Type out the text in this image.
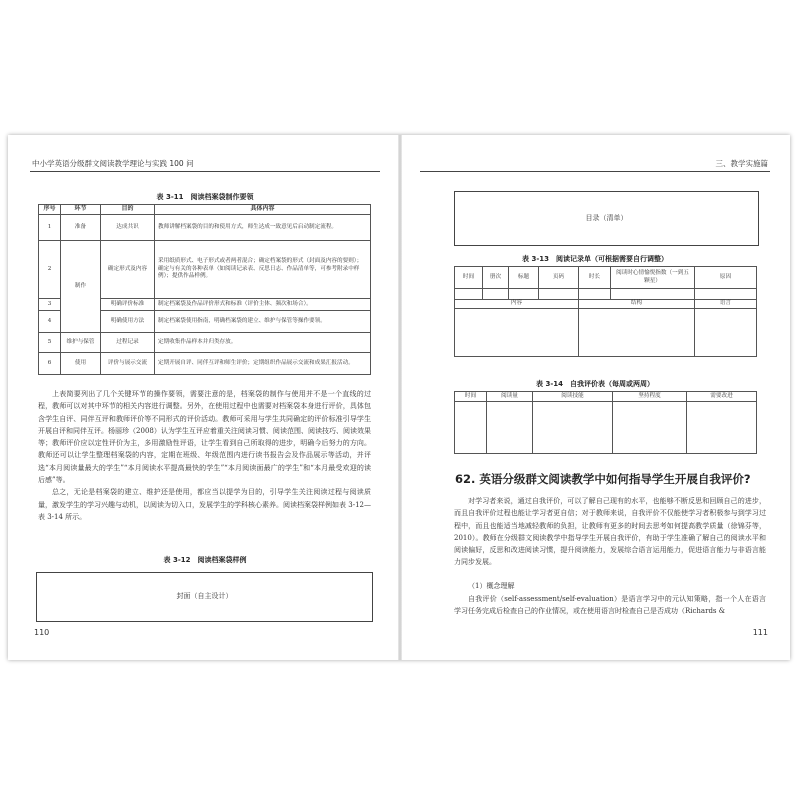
中小学英语分级群文阅读教学理论与实践 100 问
表 3-11　阅读档案袋制作要领
序号	环节	目的	具体内容
1	准备	达成共识	教师讲解档案袋的目的和使用方式，师生达成一致意见后启动制定流程。
2	制作	确定形式及内容	采用纸质形式、电子形式或者两者混合；确定档案袋的形式（封面及内容的要则）；确定与有关的各种表单（如阅读记录表、反思日志、作品清单等，可参考附录中样例）；提供作品样例。
3		明确评价标准	制定档案袋及作品评价形式和标准（评价主体、频次和场合）。
4		明确使用方法	制定档案袋使用指南，明确档案袋的建立、维护与保管等操作要领。
5	维护与保管	过程记录	定期收集作品样本并归类存放。
6	使用	评价与展示交流	定期开展自评、同伴互评和师生评价；定期组织作品展示交流和成果汇报活动。

上表简要列出了几个关键环节的操作要领，需要注意的是，档案袋的制作与使用并不是一个直线的过程，教师可以对其中环节的相关内容进行调整。另外，在使用过程中也需要对档案袋本身进行评价，具体包含学生自评、同伴互评和教师评价等不同形式的评价活动。教师可采用与学生共同确定的评价标准引导学生开展自评和同伴互评。杨丽珍（2008）认为学生互评应着重关注阅读习惯、阅读范围、阅读技巧、阅读效果等；教师评价应以定性评价为主，多用激励性评语，让学生看到自己所取得的进步，明确今后努力的方向。教师还可以让学生整理档案袋的内容，定期在班级、年级范围内进行读书报告会及作品展示等活动，并评选“本月阅读量最大的学生”“本月阅读水平提高最快的学生”“本月阅读面最广的学生”和“本月最受欢迎的读后感”等。

总之，无论是档案袋的建立、维护还是使用，都应当以提学为目的，引导学生关注阅读过程与阅读质量，激发学生的学习兴趣与动机，以阅读为切入口，发展学生的学科核心素养。阅读档案袋样例如表 3-12—表 3-14 所示。

表 3-12　阅读档案袋样例
封面（自主设计）
110
三、教学实施篇
目录（清单）
表 3-13　阅读记录单（可根据需要自行调整）
时间	册次	标题	页码	时长	阅读时心情愉悦指数（一到五颗星）	原因

内容				结构		语言

表 3-14　自我评价表（每周或两周）
时间	阅读量	阅读技能	坚持程度	需要改进

62. 英语分级群文阅读教学中如何指导学生开展自我评价?

对学习者来说，通过自我评价，可以了解自己现有的水平，也能够不断反思和回顾自己的进步，而且自我评价过程也能让学习者更自信；对于教师来说，自我评价不仅能使学习者积极参与到学习过程中，而且也能适当地减轻教师的负担，让教师有更多的时间去思考如何提高教学质量（徐锦芬等，2010）。教师在分级群文阅读教学中指导学生开展自我评价，有助于学生准确了解自己的阅读水平和阅读偏好，反思和改进阅读习惯，提升阅读能力，发展综合语言运用能力，促进语言能力与非语言能力同步发展。

（1）概念理解

自我评价（self-assessment/self-evaluation）是语言学习中的元认知策略，指一个人在语言学习任务完成后检查自己的作业情况，或在使用语言时检查自己是否成功（Richards &

111
